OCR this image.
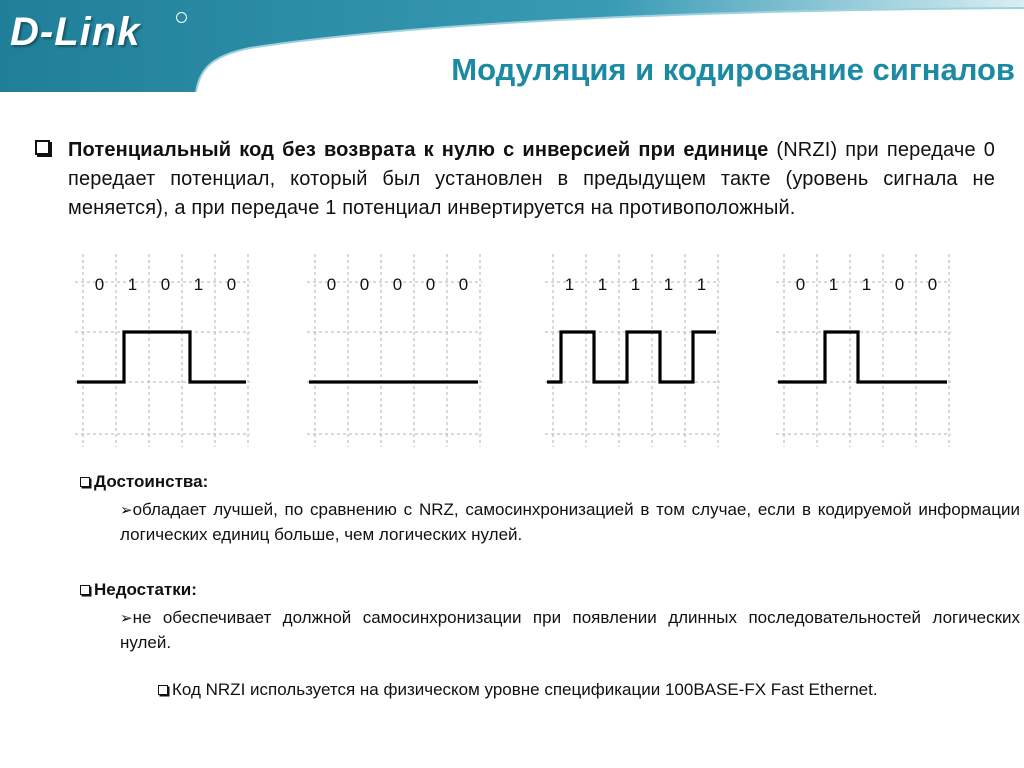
D-Link
Модуляция и кодирование сигналов
Потенциальный код без возврата к нулю с инверсией при единице (NRZI) при передаче 0 передает потенциал, который был установлен в предыдущем такте (уровень сигнала не меняется), а при передаче 1 потенциал инвертируется на противоположный.
0 1 0 1 0	0 0 0 0 0	1 1 1 1 1	0 1 1 0 0
Достоинства:
➢обладает лучшей, по сравнению с NRZ, самосинхронизацией в том случае, если в кодируемой информации логических единиц больше, чем логических нулей.
Недостатки:
➢не обеспечивает должной самосинхронизации при появлении длинных последовательностей логических нулей.
Код NRZI используется на физическом уровне спецификации 100BASE-FX Fast Ethernet.
